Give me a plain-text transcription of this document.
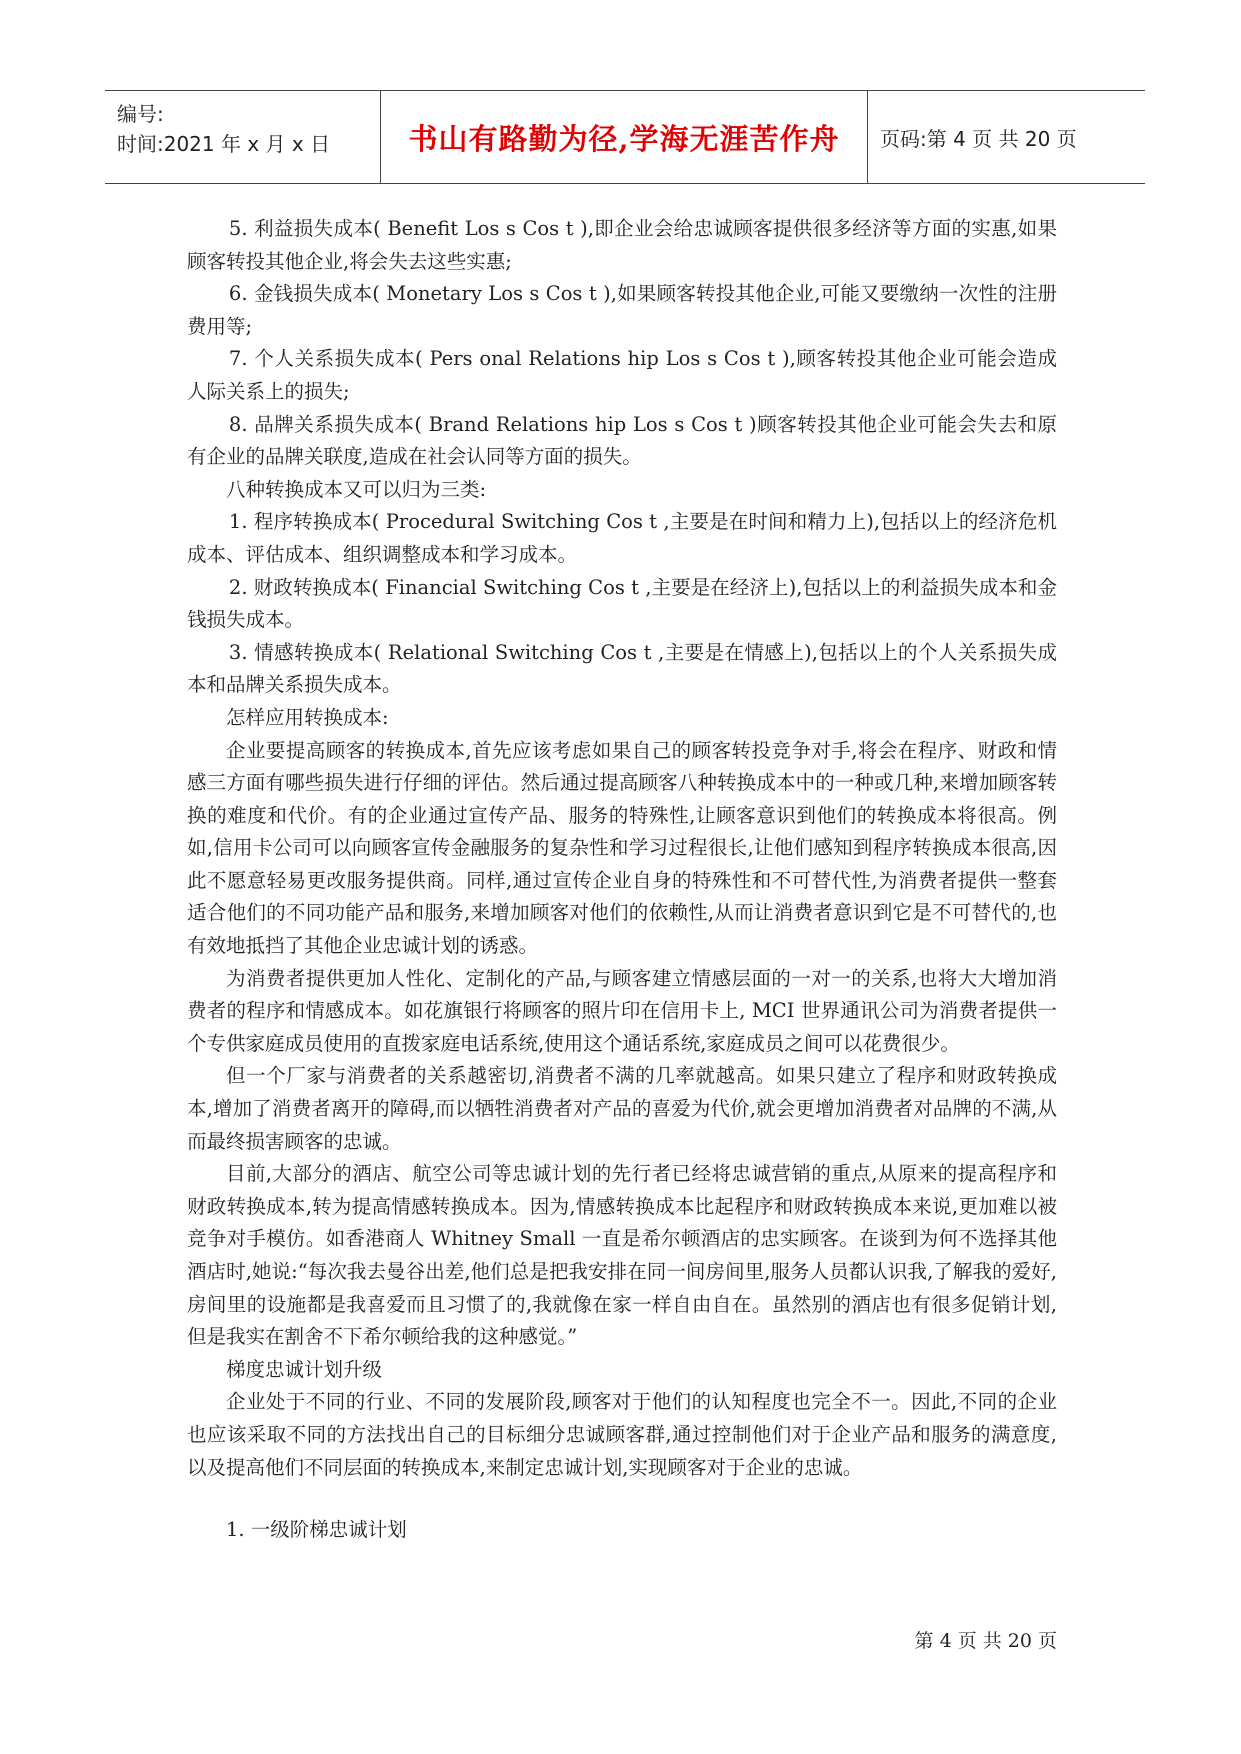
编号:
时间:2021 年 x 月 x 日	书山有路勤为径,学海无涯苦作舟 页码:第 4 页 共 20 页

5. 利益损失成本( Benefit Los s Cos t ),即企业会给忠诚顾客提供很多经济等方面的实惠,如果顾客转投其他企业,将会失去这些实惠;

6. 金钱损失成本( Monetary Los s Cos t ),如果顾客转投其他企业,可能又要缴纳一次性的注册费用等;

7. 个人关系损失成本( Pers onal Relations hip Los s Cos t ),顾客转投其他企业可能会造成人际关系上的损失;

8. 品牌关系损失成本( Brand Relations hip Los s Cos t )顾客转投其他企业可能会失去和原有企业的品牌关联度,造成在社会认同等方面的损失。

八种转换成本又可以归为三类:

1. 程序转换成本( Procedural Switching Cos t ,主要是在时间和精力上),包括以上的经济危机成本、评估成本、组织调整成本和学习成本。

2. 财政转换成本( Financial Switching Cos t ,主要是在经济上),包括以上的利益损失成本和金钱损失成本。

3. 情感转换成本( Relational Switching Cos t ,主要是在情感上),包括以上的个人关系损失成本和品牌关系损失成本。

怎样应用转换成本:

企业要提高顾客的转换成本,首先应该考虑如果自己的顾客转投竞争对手,将会在程序、财政和情感三方面有哪些损失进行仔细的评估。然后通过提高顾客八种转换成本中的一种或几种,来增加顾客转换的难度和代价。有的企业通过宣传产品、服务的特殊性,让顾客意识到他们的转换成本将很高。例如,信用卡公司可以向顾客宣传金融服务的复杂性和学习过程很长,让他们感知到程序转换成本很高,因此不愿意轻易更改服务提供商。同样,通过宣传企业自身的特殊性和不可替代性,为消费者提供一整套适合他们的不同功能产品和服务,来增加顾客对他们的依赖性,从而让消费者意识到它是不可替代的,也有效地抵挡了其他企业忠诚计划的诱惑。

为消费者提供更加人性化、定制化的产品,与顾客建立情感层面的一对一的关系,也将大大增加消费者的程序和情感成本。如花旗银行将顾客的照片印在信用卡上, MCI 世界通讯公司为消费者提供一个专供家庭成员使用的直拨家庭电话系统,使用这个通话系统,家庭成员之间可以花费很少。

但一个厂家与消费者的关系越密切,消费者不满的几率就越高。如果只建立了程序和财政转换成本,增加了消费者离开的障碍,而以牺牲消费者对产品的喜爱为代价,就会更增加消费者对品牌的不满,从而最终损害顾客的忠诚。

目前,大部分的酒店、航空公司等忠诚计划的先行者已经将忠诚营销的重点,从原来的提高程序和财政转换成本,转为提高情感转换成本。因为,情感转换成本比起程序和财政转换成本来说,更加难以被竞争对手模仿。如香港商人 Whitney Small 一直是希尔顿酒店的忠实顾客。在谈到为何不选择其他酒店时,她说:“每次我去曼谷出差,他们总是把我安排在同一间房间里,服务人员都认识我,了解我的爱好,房间里的设施都是我喜爱而且习惯了的,我就像在家一样自由自在。虽然别的酒店也有很多促销计划,但是我实在割舍不下希尔顿给我的这种感觉。”

梯度忠诚计划升级

企业处于不同的行业、不同的发展阶段,顾客对于他们的认知程度也完全不一。因此,不同的企业也应该采取不同的方法找出自己的目标细分忠诚顾客群,通过控制他们对于企业产品和服务的满意度,以及提高他们不同层面的转换成本,来制定忠诚计划,实现顾客对于企业的忠诚。

1. 一级阶梯忠诚计划

第 4 页 共 20 页
